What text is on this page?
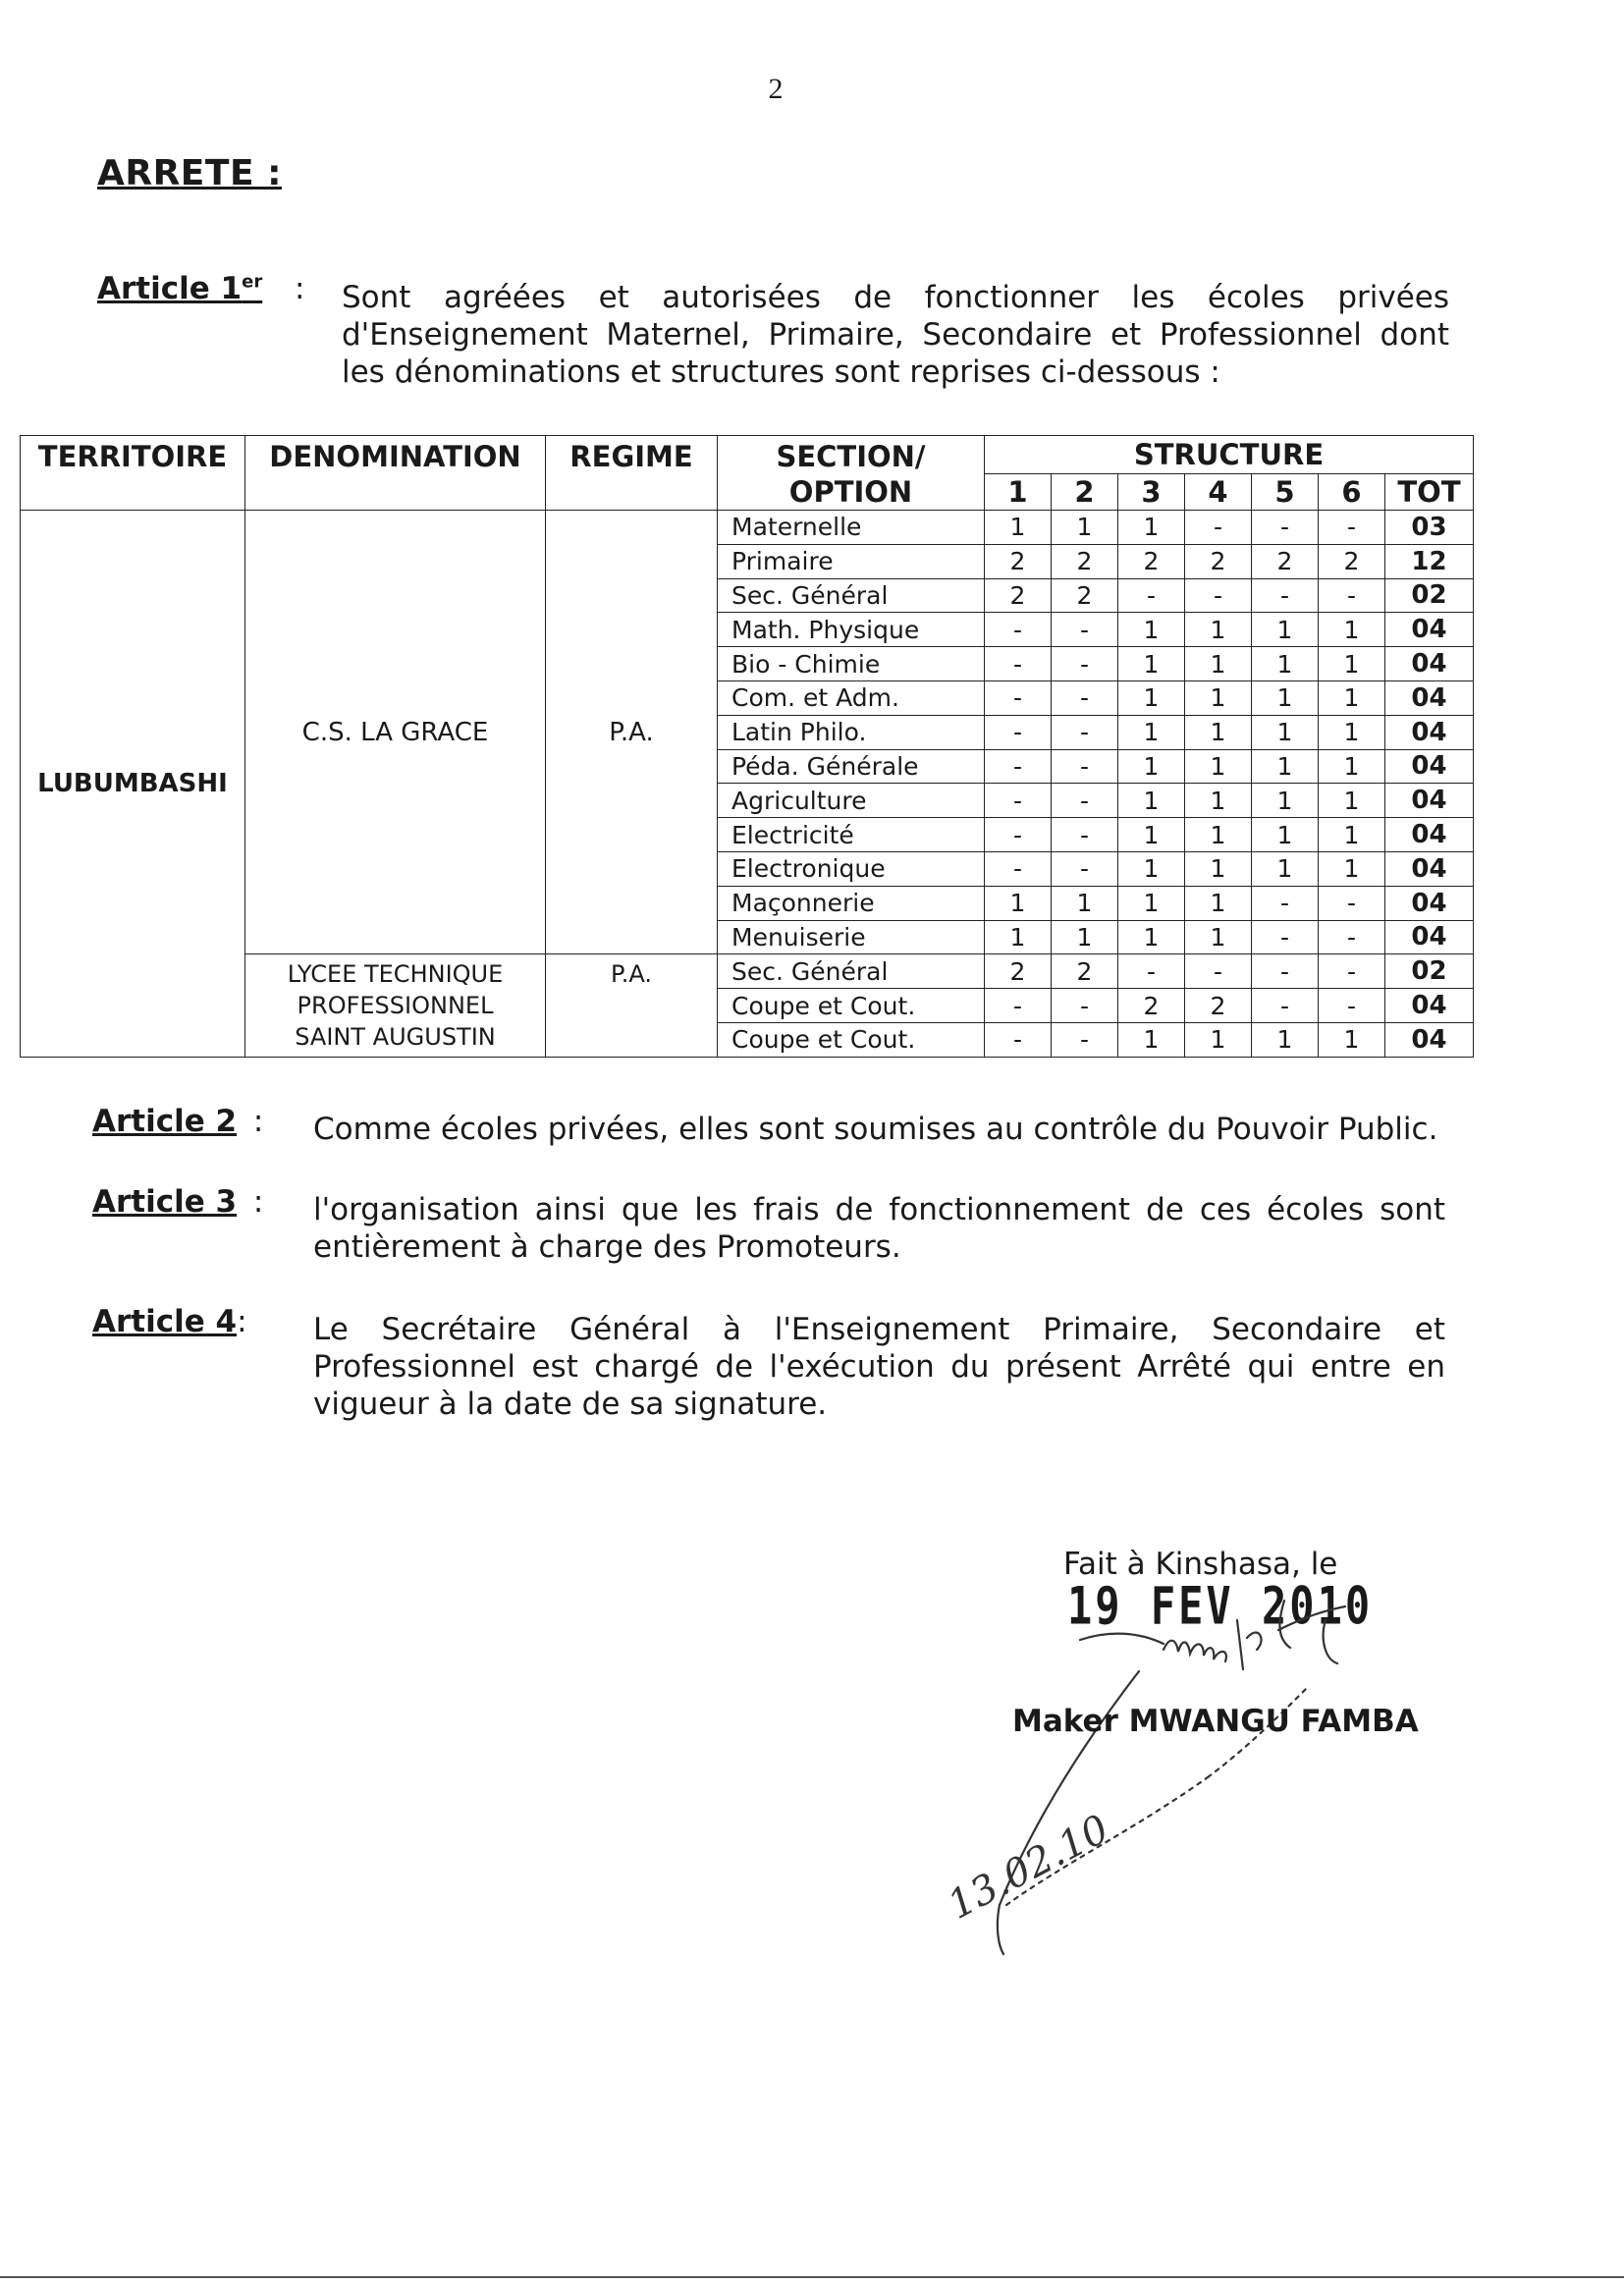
2
ARRETE :
Article 1er : Sont agréées et autorisées de fonctionner les écoles privées d'Enseignement Maternel, Primaire, Secondaire et Professionnel dont les dénominations et structures sont reprises ci-dessous :
TERRITOIRE	DENOMINATION	REGIME	SECTION/
OPTION	STRUCTURE						
				1	2	3	4	5	6	TOT
LUBUMBASHI	C.S. LA GRACE	P.A.	Maternelle	1	1	1	-	-	-	03
			Primaire	2	2	2	2	2	2	12
			Sec. Général	2	2	-	-	-	-	02
			Math. Physique	-	-	1	1	1	1	04
			Bio - Chimie	-	-	1	1	1	1	04
			Com. et Adm.	-	-	1	1	1	1	04
			Latin Philo.	-	-	1	1	1	1	04
			Péda. Générale	-	-	1	1	1	1	04
			Agriculture	-	-	1	1	1	1	04
			Electricité	-	-	1	1	1	1	04
			Electronique	-	-	1	1	1	1	04
			Maçonnerie	1	1	1	1	-	-	04
			Menuiserie	1	1	1	1	-	-	04

	LYCEE TECHNIQUE
PROFESSIONNEL
SAINT AUGUSTIN	P.A.	Sec. Général	2	2	-	-	-	-	02
			Coupe et Cout.	-	-	2	2	-	-	04
			Coupe et Cout.	-	-	1	1	1	1	04
Article 2 : Comme écoles privées, elles sont soumises au contrôle du Pouvoir Public.
Article 3 : l'organisation ainsi que les frais de fonctionnement de ces écoles sont entièrement à charge des Promoteurs.
Article 4: Le Secrétaire Général à l'Enseignement Primaire, Secondaire et Professionnel est chargé de l'exécution du présent Arrêté qui entre en vigueur à la date de sa signature.
Fait à Kinshasa, le 19 FEV 2010
13.02.10
Maker MWANGU FAMBA
